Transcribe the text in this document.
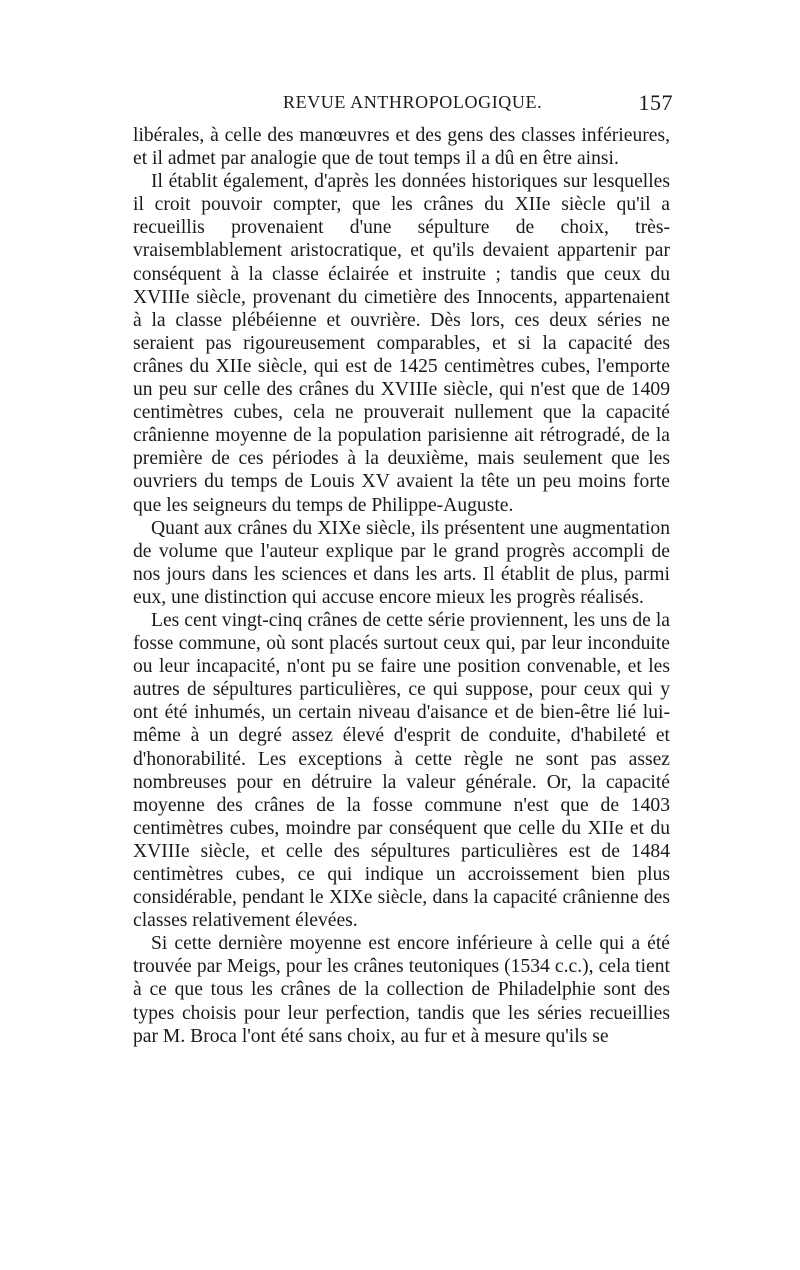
REVUE ANTHROPOLOGIQUE.	157

libérales, à celle des manœuvres et des gens des classes inférieures, et il admet par analogie que de tout temps il a dû en être ainsi.

Il établit également, d'après les données historiques sur lesquelles il croit pouvoir compter, que les crânes du XIIe siècle qu'il a recueillis provenaient d'une sépulture de choix, très-vraisemblablement aristocratique, et qu'ils devaient appartenir par conséquent à la classe éclairée et instruite ; tandis que ceux du XVIIIe siècle, provenant du cimetière des Innocents, appartenaient à la classe plébéienne et ouvrière. Dès lors, ces deux séries ne seraient pas rigoureusement comparables, et si la capacité des crânes du XIIe siècle, qui est de 1425 centimètres cubes, l'emporte un peu sur celle des crânes du XVIIIe siècle, qui n'est que de 1409 centimètres cubes, cela ne prouverait nullement que la capacité crânienne moyenne de la population parisienne ait rétrogradé, de la première de ces périodes à la deuxième, mais seulement que les ouvriers du temps de Louis XV avaient la tête un peu moins forte que les seigneurs du temps de Philippe-Auguste.

Quant aux crânes du XIXe siècle, ils présentent une augmentation de volume que l'auteur explique par le grand progrès accompli de nos jours dans les sciences et dans les arts. Il établit de plus, parmi eux, une distinction qui accuse encore mieux les progrès réalisés.

Les cent vingt-cinq crânes de cette série proviennent, les uns de la fosse commune, où sont placés surtout ceux qui, par leur inconduite ou leur incapacité, n'ont pu se faire une position convenable, et les autres de sépultures particulières, ce qui suppose, pour ceux qui y ont été inhumés, un certain niveau d'aisance et de bien-être lié lui-même à un degré assez élevé d'esprit de conduite, d'habileté et d'honorabilité. Les exceptions à cette règle ne sont pas assez nombreuses pour en détruire la valeur générale. Or, la capacité moyenne des crânes de la fosse commune n'est que de 1403 centimètres cubes, moindre par conséquent que celle du XIIe et du XVIIIe siècle, et celle des sépultures particulières est de 1484 centimètres cubes, ce qui indique un accroissement bien plus considérable, pendant le XIXe siècle, dans la capacité crânienne des classes relativement élevées.

Si cette dernière moyenne est encore inférieure à celle qui a été trouvée par Meigs, pour les crânes teutoniques (1534 c.c.), cela tient à ce que tous les crânes de la collection de Philadelphie sont des types choisis pour leur perfection, tandis que les séries recueillies par M. Broca l'ont été sans choix, au fur et à mesure qu'ils se
